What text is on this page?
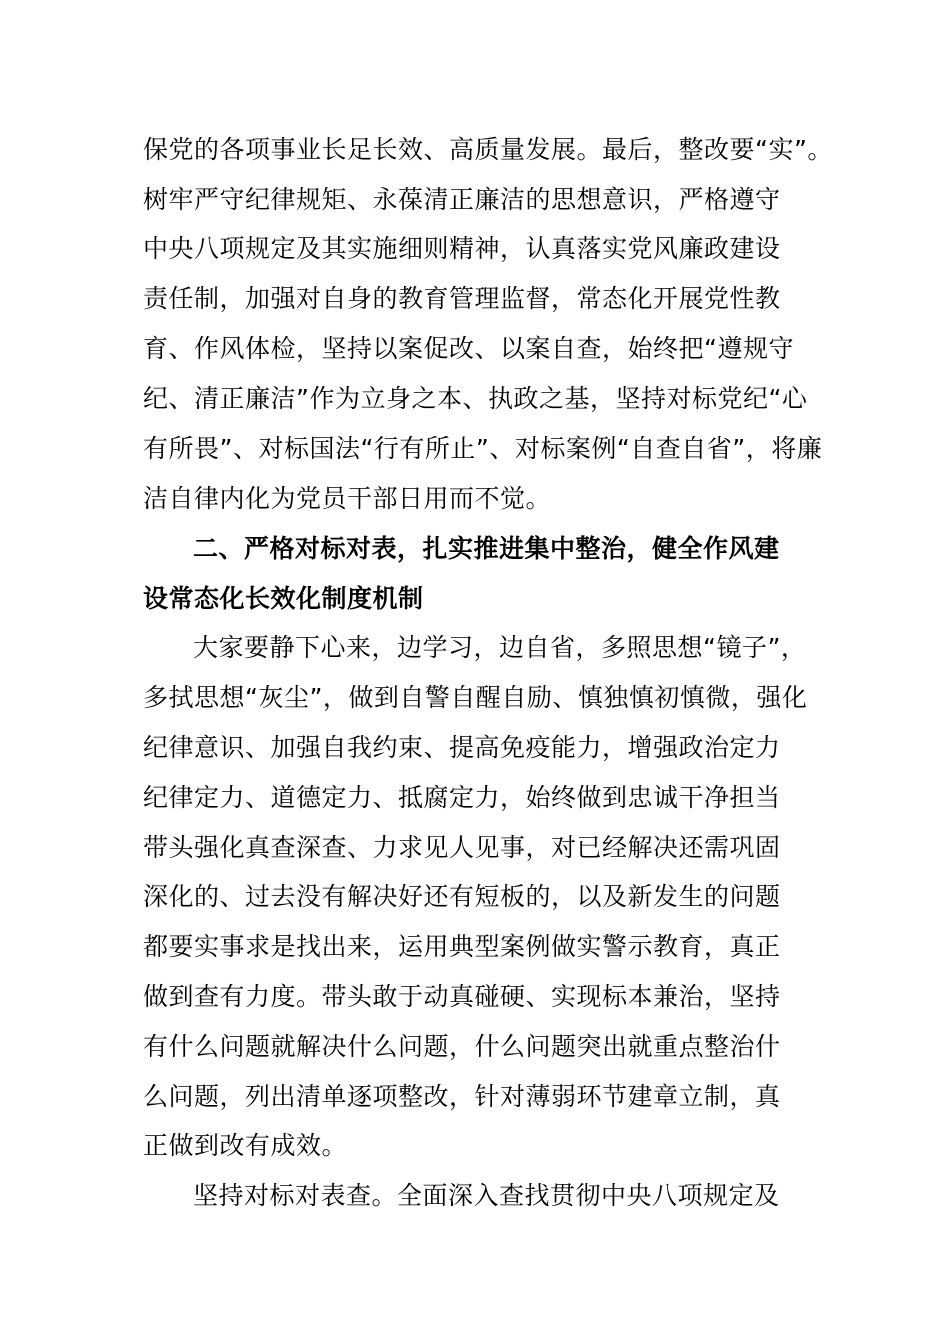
保党的各项事业长足长效、高质量发展。最后，整改要“实”。
树牢严守纪律规矩、永葆清正廉洁的思想意识，严格遵守
中央八项规定及其实施细则精神，认真落实党风廉政建设
责任制，加强对自身的教育管理监督，常态化开展党性教
育、作风体检，坚持以案促改、以案自查，始终把“遵规守
纪、清正廉洁”作为立身之本、执政之基，坚持对标党纪“心
有所畏”、对标国法“行有所止”、对标案例“自查自省”，将廉
洁自律内化为党员干部日用而不觉。
二、严格对标对表，扎实推进集中整治，健全作风建
设常态化长效化制度机制
大家要静下心来，边学习，边自省，多照思想“镜子”，
多拭思想“灰尘”，做到自警自醒自励、慎独慎初慎微，强化
纪律意识、加强自我约束、提高免疫能力，增强政治定力
纪律定力、道德定力、抵腐定力，始终做到忠诚干净担当
带头强化真查深查、力求见人见事，对已经解决还需巩固
深化的、过去没有解决好还有短板的，以及新发生的问题
都要实事求是找出来，运用典型案例做实警示教育，真正
做到查有力度。带头敢于动真碰硬、实现标本兼治，坚持
有什么问题就解决什么问题，什么问题突出就重点整治什
么问题，列出清单逐项整改，针对薄弱环节建章立制，真
正做到改有成效。
坚持对标对表查。全面深入查找贯彻中央八项规定及
